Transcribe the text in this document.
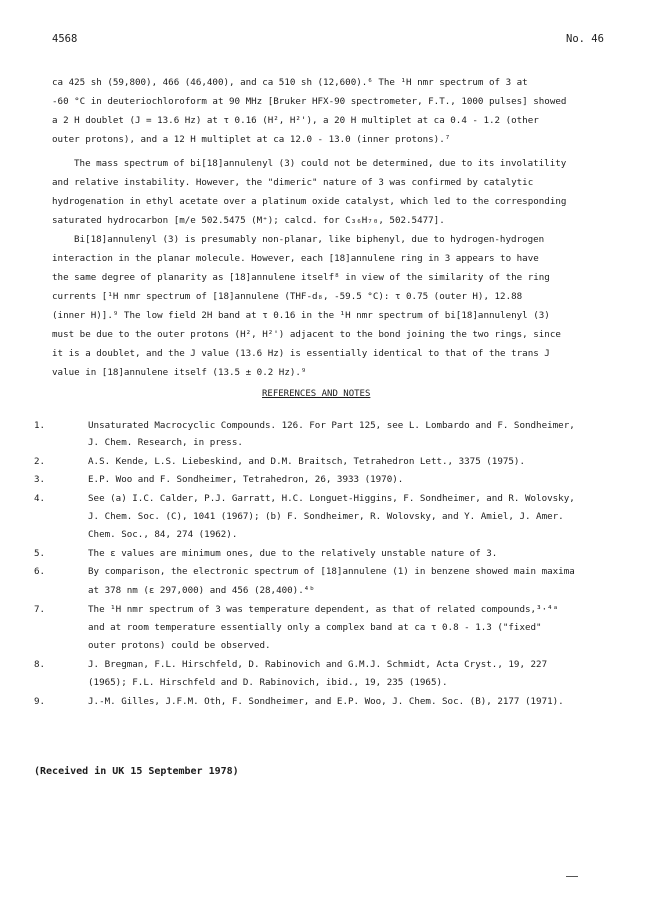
4568	No. 46
ca 425 sh (59,800), 466 (46,400), and ca 510 sh (12,600).⁶ The ¹H nmr spectrum of 3 at
-60 °C in deuteriochloroform at 90 MHz [Bruker HFX-90 spectrometer, F.T., 1000 pulses] showed
a 2 H doublet (J = 13.6 Hz) at τ 0.16 (H², H²'), a 20 H multiplet at ca 0.4 - 1.2 (other
outer protons), and a 12 H multiplet at ca 12.0 - 13.0 (inner protons).⁷
The mass spectrum of bi[18]annulenyl (3) could not be determined, due to its involatility
and relative instability. However, the "dimeric" nature of 3 was confirmed by catalytic
hydrogenation in ethyl acetate over a platinum oxide catalyst, which led to the corresponding
saturated hydrocarbon [m/e 502.5475 (M⁺); calcd. for C₃₆H₇₀, 502.5477].
Bi[18]annulenyl (3) is presumably non-planar, like biphenyl, due to hydrogen-hydrogen
interaction in the planar molecule. However, each [18]annulene ring in 3 appears to have
the same degree of planarity as [18]annulene itself⁸ in view of the similarity of the ring
currents [¹H nmr spectrum of [18]annulene (THF-d₈, -59.5 °C): τ 0.75 (outer H), 12.88
(inner H)].⁹ The low field 2H band at τ 0.16 in the ¹H nmr spectrum of bi[18]annulenyl (3)
must be due to the outer protons (H², H²') adjacent to the bond joining the two rings, since
it is a doublet, and the J value (13.6 Hz) is essentially identical to that of the trans J
value in [18]annulene itself (13.5 ± 0.2 Hz).⁹
REFERENCES AND NOTES
1.	Unsaturated Macrocyclic Compounds. 126. For Part 125, see L. Lombardo and F. Sondheimer,
J. Chem. Research, in press.
2.	A.S. Kende, L.S. Liebeskind, and D.M. Braitsch, Tetrahedron Lett., 3375 (1975).
3.	E.P. Woo and F. Sondheimer, Tetrahedron, 26, 3933 (1970).
4.	See (a) I.C. Calder, P.J. Garratt, H.C. Longuet-Higgins, F. Sondheimer, and R. Wolovsky,
J. Chem. Soc. (C), 1041 (1967); (b) F. Sondheimer, R. Wolovsky, and Y. Amiel, J. Amer.
Chem. Soc., 84, 274 (1962).
5.	The ε values are minimum ones, due to the relatively unstable nature of 3.
6.	By comparison, the electronic spectrum of [18]annulene (1) in benzene showed main maxima
at 378 nm (ε 297,000) and 456 (28,400).⁴ᵇ
7.	The ¹H nmr spectrum of 3 was temperature dependent, as that of related compounds,³·⁴ᵃ
and at room temperature essentially only a complex band at ca τ 0.8 - 1.3 ("fixed"
outer protons) could be observed.
8.	J. Bregman, F.L. Hirschfeld, D. Rabinovich and G.M.J. Schmidt, Acta Cryst., 19, 227
(1965); F.L. Hirschfeld and D. Rabinovich, ibid., 19, 235 (1965).
9.	J.-M. Gilles, J.F.M. Oth, F. Sondheimer, and E.P. Woo, J. Chem. Soc. (B), 2177 (1971).
(Received in UK 15 September 1978)
